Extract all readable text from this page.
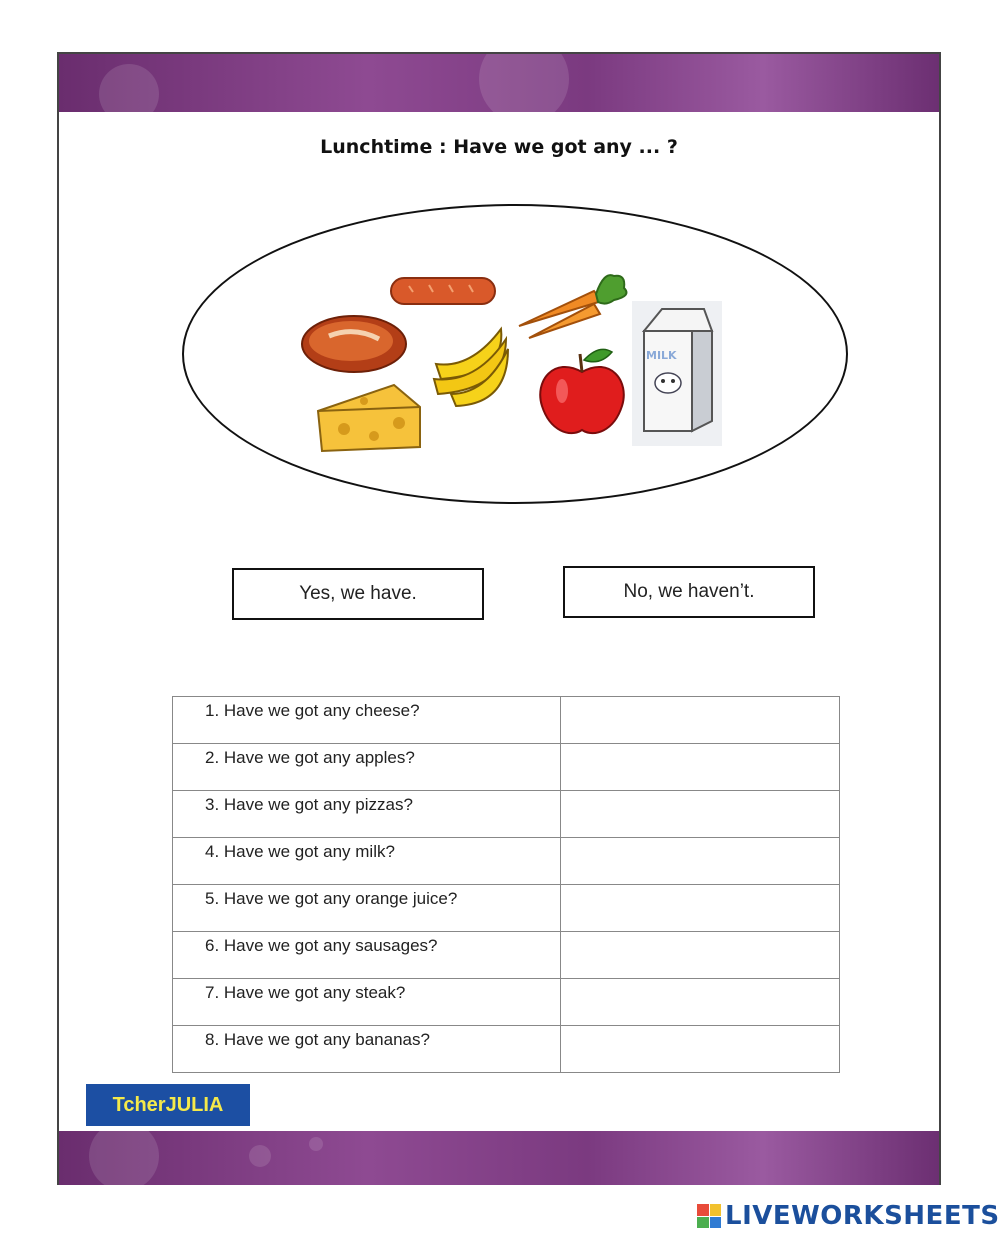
Lunchtime : Have we got any ... ?
MILK
Yes, we have.	No, we haven’t.
1. Have we got any cheese?	

2. Have we got any apples?	

3. Have we got any pizzas?	

4. Have we got any milk?	

5. Have we got any orange juice?	

6. Have we got any sausages?	

7. Have we got any steak?	

8. Have we got any bananas?	
TcherJULIA
LIVEWORKSHEETS
